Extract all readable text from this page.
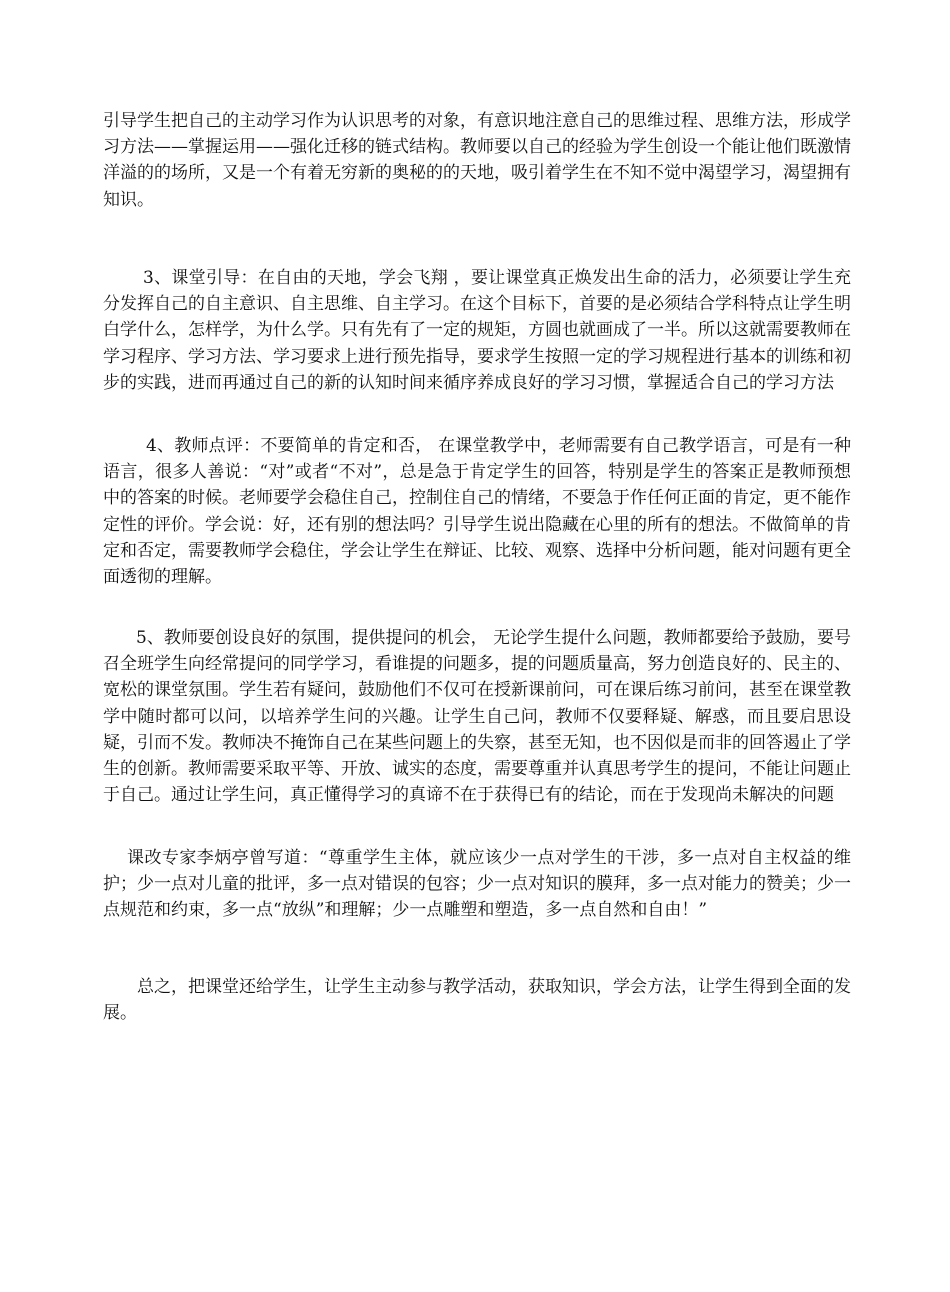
引导学生把自己的主动学习作为认识思考的对象，有意识地注意自己的思维过程、思维方法，形成学习方法——掌握运用——强化迁移的链式结构。教师要以自己的经验为学生创设一个能让他们既激情洋溢的的场所，又是一个有着无穷新的奥秘的的天地，吸引着学生在不知不觉中渴望学习，渴望拥有知识。

3、课堂引导：在自由的天地，学会飞翔 ，要让课堂真正焕发出生命的活力，必须要让学生充分发挥自己的自主意识、自主思维、自主学习。在这个目标下，首要的是必须结合学科特点让学生明白学什么，怎样学，为什么学。只有先有了一定的规矩，方圆也就画成了一半。所以这就需要教师在学习程序、学习方法、学习要求上进行预先指导，要求学生按照一定的学习规程进行基本的训练和初步的实践，进而再通过自己的新的认知时间来循序养成良好的学习习惯，掌握适合自己的学习方法

4、教师点评：不要简单的肯定和否， 在课堂教学中，老师需要有自己教学语言，可是有一种语言，很多人善说：“对”或者“不对”，总是急于肯定学生的回答，特别是学生的答案正是教师预想中的答案的时候。老师要学会稳住自己，控制住自己的情绪，不要急于作任何正面的肯定，更不能作定性的评价。学会说：好，还有别的想法吗？引导学生说出隐藏在心里的所有的想法。不做简单的肯定和否定，需要教师学会稳住，学会让学生在辩证、比较、观察、选择中分析问题，能对问题有更全面透彻的理解。

5、教师要创设良好的氛围，提供提问的机会， 无论学生提什么问题，教师都要给予鼓励，要号召全班学生向经常提问的同学学习，看谁提的问题多，提的问题质量高，努力创造良好的、民主的、宽松的课堂氛围。学生若有疑问，鼓励他们不仅可在授新课前问，可在课后练习前问，甚至在课堂教学中随时都可以问，以培养学生问的兴趣。让学生自己问，教师不仅要释疑、解惑，而且要启思设疑，引而不发。教师决不掩饰自己在某些问题上的失察，甚至无知，也不因似是而非的回答遏止了学生的创新。教师需要采取平等、开放、诚实的态度，需要尊重并认真思考学生的提问，不能让问题止于自己。通过让学生问，真正懂得学习的真谛不在于获得已有的结论，而在于发现尚未解决的问题

课改专家李炳亭曾写道：“尊重学生主体，就应该少一点对学生的干涉，多一点对自主权益的维护；少一点对儿童的批评，多一点对错误的包容；少一点对知识的膜拜，多一点对能力的赞美；少一点规范和约束，多一点“放纵”和理解；少一点雕塑和塑造，多一点自然和自由！”

总之，把课堂还给学生，让学生主动参与教学活动，获取知识，学会方法，让学生得到全面的发展。
